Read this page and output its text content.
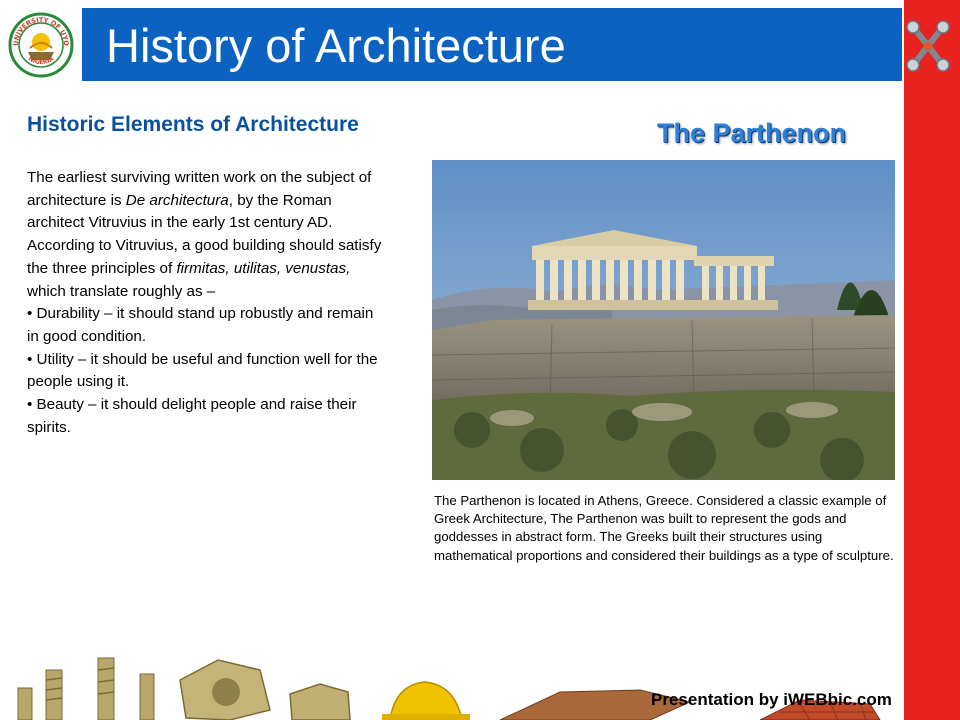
UNIVERSITY OF UYO
NIGERIA History of Architecture
Historic Elements of Architecture

The earliest surviving written work on the subject of architecture is De architectura, by the Roman architect Vitruvius in the early 1st century AD. According to Vitruvius, a good building should satisfy the three principles of firmitas, utilitas, venustas, which translate roughly as –

• Durability – it should stand up robustly and remain in good condition.

• Utility – it should be useful and function well for the people using it.

• Beauty – it should delight people and raise their spirits.

The Parthenon
The Parthenon is located in Athens, Greece. Considered a classic example of Greek Architecture, The Parthenon was built to represent the gods and goddesses in abstract form. The Greeks built their structures using mathematical proportions and considered their buildings as a type of sculpture.
Presentation by iWEBbic.com
